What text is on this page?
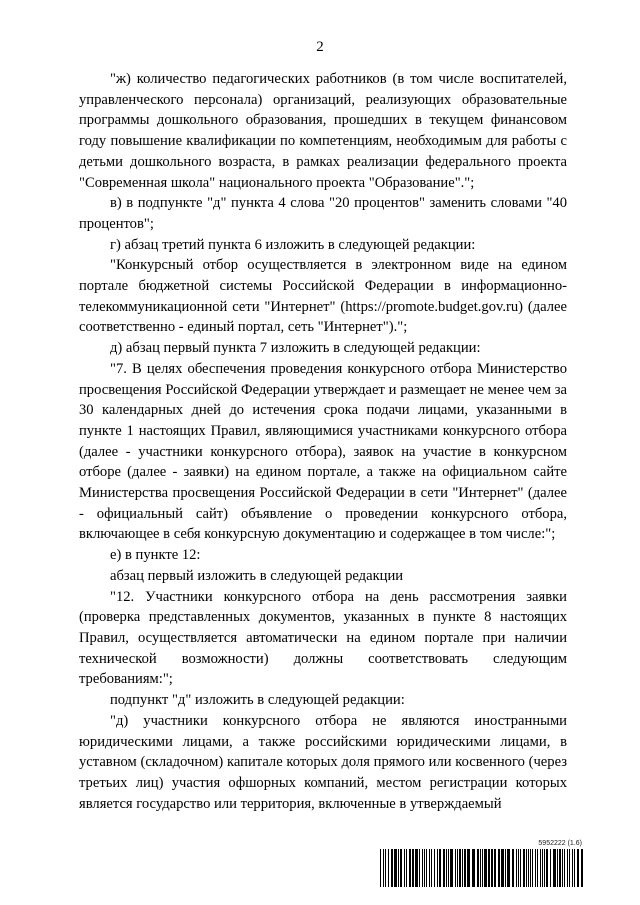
2

"ж) количество педагогических работников (в том числе воспитателей, управленческого персонала) организаций, реализующих образовательные программы дошкольного образования, прошедших в текущем финансовом году повышение квалификации по компетенциям, необходимым для работы с детьми дошкольного возраста, в рамках реализации федерального проекта "Современная школа" национального проекта "Образование".";

в) в подпункте "д" пункта 4 слова "20 процентов" заменить словами "40 процентов";

г) абзац третий пункта 6 изложить в следующей редакции:

"Конкурсный отбор осуществляется в электронном виде на едином портале бюджетной системы Российской Федерации в информационно-телекоммуникационной сети "Интернет" (https://promote.budget.gov.ru) (далее соответственно - единый портал, сеть "Интернет").";

д) абзац первый пункта 7 изложить в следующей редакции:

"7. В целях обеспечения проведения конкурсного отбора Министерство просвещения Российской Федерации утверждает и размещает не менее чем за 30 календарных дней до истечения срока подачи лицами, указанными в пункте 1 настоящих Правил, являющимися участниками конкурсного отбора (далее - участники конкурсного отбора), заявок на участие в конкурсном отборе (далее - заявки) на едином портале, а также на официальном сайте Министерства просвещения Российской Федерации в сети "Интернет" (далее - официальный сайт) объявление о проведении конкурсного отбора, включающее в себя конкурсную документацию и содержащее в том числе:";

е) в пункте 12:

абзац первый изложить в следующей редакции

"12. Участники конкурсного отбора на день рассмотрения заявки (проверка представленных документов, указанных в пункте 8 настоящих Правил, осуществляется автоматически на едином портале при наличии технической возможности) должны соответствовать следующим требованиям:";

подпункт "д" изложить в следующей редакции:

"д) участники конкурсного отбора не являются иностранными юридическими лицами, а также российскими юридическими лицами, в уставном (складочном) капитале которых доля прямого или косвенного (через третьих лиц) участия офшорных компаний, местом регистрации которых является государство или территория, включенные в утверждаемый

5952222 (1.6)
